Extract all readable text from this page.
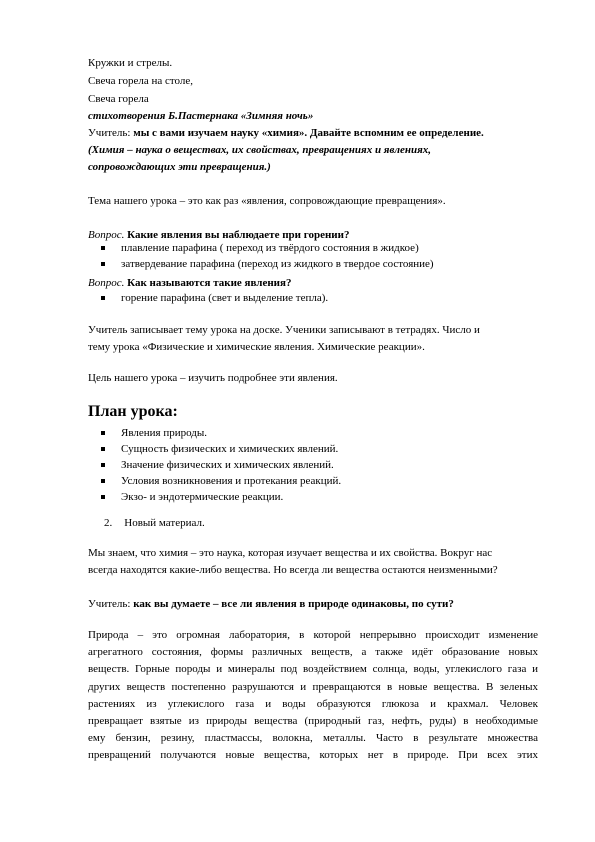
Кружки и стрелы.
Свеча горела на столе,
Свеча горела
стихотворения Б.Пастернака «Зимняя ночь»
Учитель: мы с вами изучаем науку «химия». Давайте вспомним ее определение.
(Химия – наука о веществах, их свойствах, превращениях и явлениях,
сопровождающих эти превращения.)
Тема нашего урока – это как раз «явления, сопровождающие превращения».
Вопрос. Какие явления вы наблюдаете при горении?
плавление парафина ( переход из твёрдого состояния в жидкое)
затвердевание парафина (переход из жидкого в твердое состояние)
Вопрос. Как называются такие явления?
горение парафина (свет и выделение тепла).
Учитель записывает тему урока на доске. Ученики записывают в тетрадях. Число и
тему урока «Физические и химические явления. Химические реакции».
Цель нашего урока – изучить подробнее эти явления.
План урока:
Явления природы.
Сущность физических и химических явлений.
Значение физических и химических явлений.
Условия возникновения и протекания реакций.
Экзо- и эндотермические реакции.
2. Новый материал.
Мы знаем, что химия – это наука, которая изучает вещества и их свойства. Вокруг нас
всегда находятся какие-либо вещества. Но всегда ли вещества остаются неизменными?
Учитель: как вы думаете – все ли явления в природе одинаковы, по сути?
Природа – это огромная лаборатория, в которой непрерывно происходит изменение
агрегатного состояния, формы различных веществ, а также идёт образование новых
веществ. Горные породы и минералы под воздействием солнца, воды, углекислого газа и
других веществ постепенно разрушаются и превращаются в новые вещества. В зеленых
растениях из углекислого газа и воды образуются глюкоза и крахмал. Человек
превращает взятые из природы вещества (природный газ, нефть, руды) в необходимые
ему бензин, резину, пластмассы, волокна, металлы. Часто в результате множества
превращений получаются новые вещества, которых нет в природе. При всех этих
